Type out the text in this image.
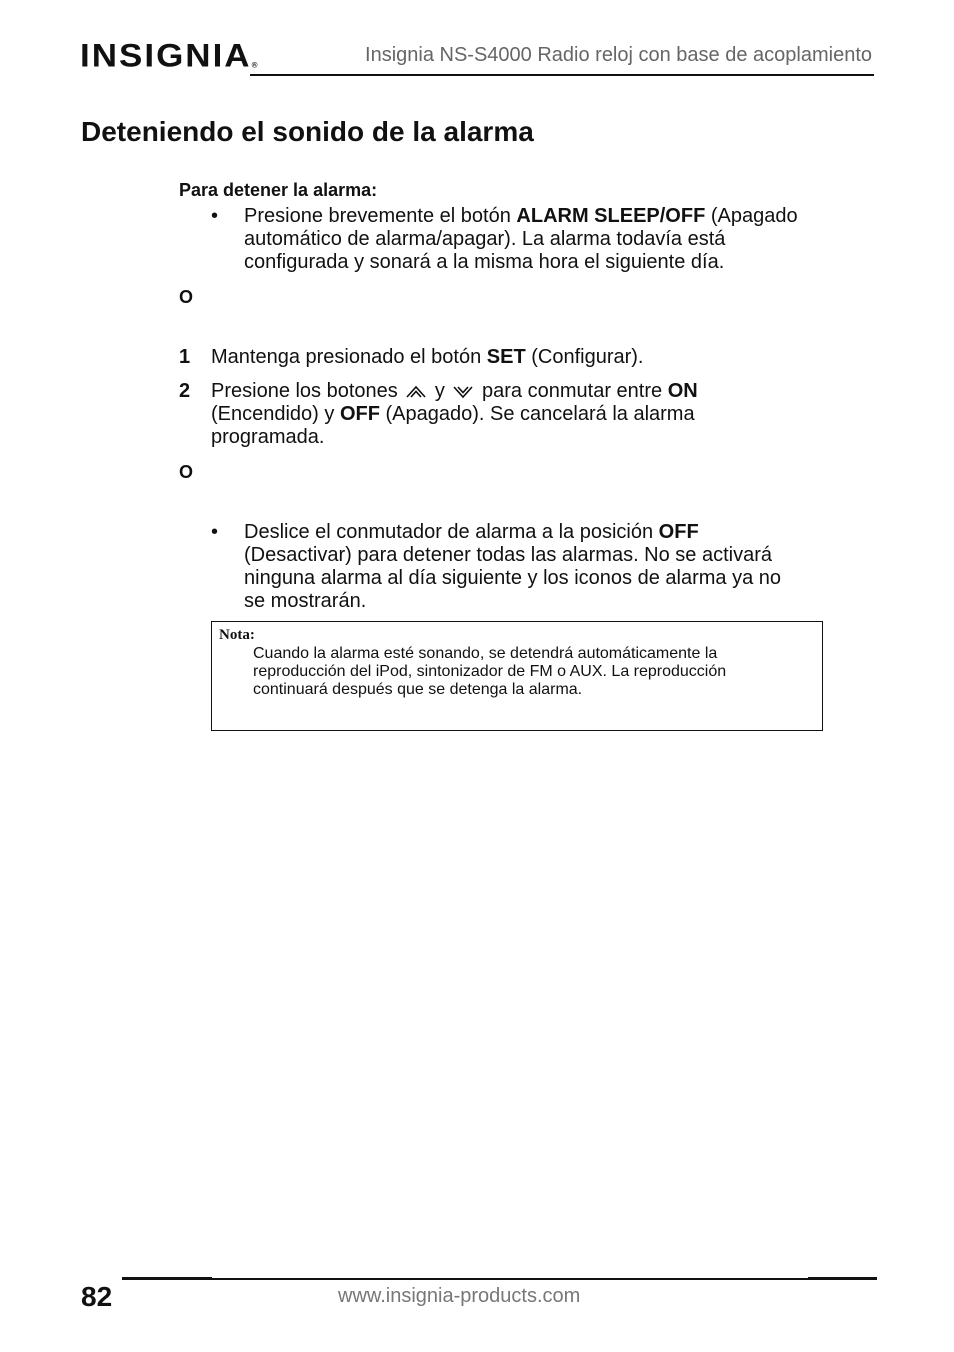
INSIGNIA®	Insignia NS-S4000 Radio reloj con base de acoplamiento
Deteniendo el sonido de la alarma
Para detener la alarma:
• Presione brevemente el botón ALARM SLEEP/OFF (Apagado
automático de alarma/apagar). La alarma todavía está
configurada y sonará a la misma hora el siguiente día.
O
1 Mantenga presionado el botón SET (Configurar).
2 Presione los botones  y  para conmutar entre ON
(Encendido) y OFF (Apagado). Se cancelará la alarma
programada.
O
• Deslice el conmutador de alarma a la posición OFF
(Desactivar) para detener todas las alarmas. No se activará
ninguna alarma al día siguiente y los iconos de alarma ya no
se mostrarán.
Nota:
Cuando la alarma esté sonando, se detendrá automáticamente la
reproducción del iPod, sintonizador de FM o AUX. La reproducción
continuará después que se detenga la alarma.
82	www.insignia-products.com
